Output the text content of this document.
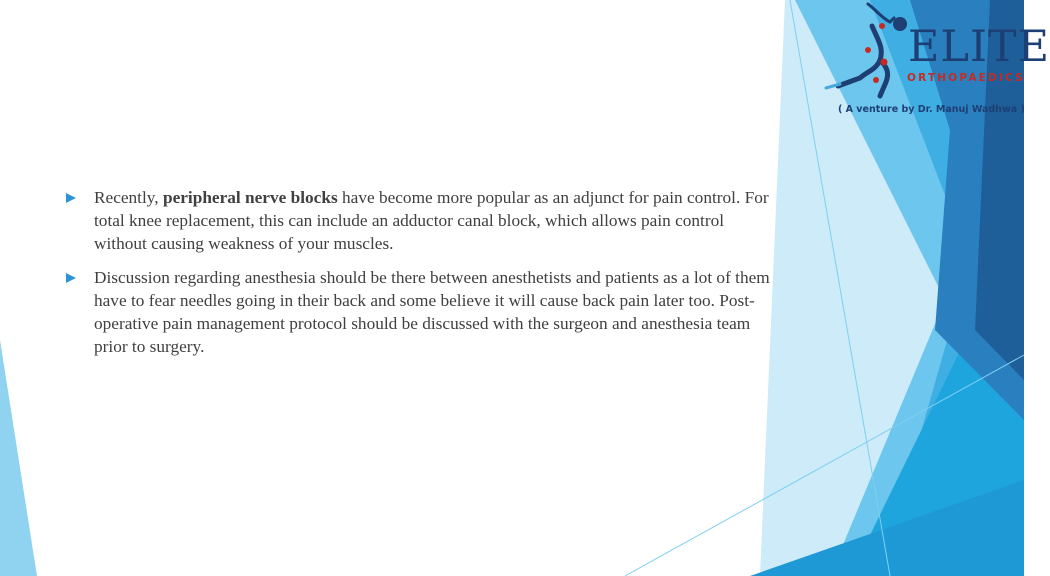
ELITE
ORTHOPAEDICS
( A venture by Dr. Manuj Wadhwa )
Recently, peripheral nerve blocks have become more popular as an adjunct for pain control. For total knee replacement, this can include an adductor canal block, which allows pain control without causing weakness of your muscles.
Discussion regarding anesthesia should be there between anesthetists and patients as a lot of them have to fear needles going in their back and some believe it will cause back pain later too. Post-operative pain management protocol should be discussed with the surgeon and anesthesia team prior to surgery.
